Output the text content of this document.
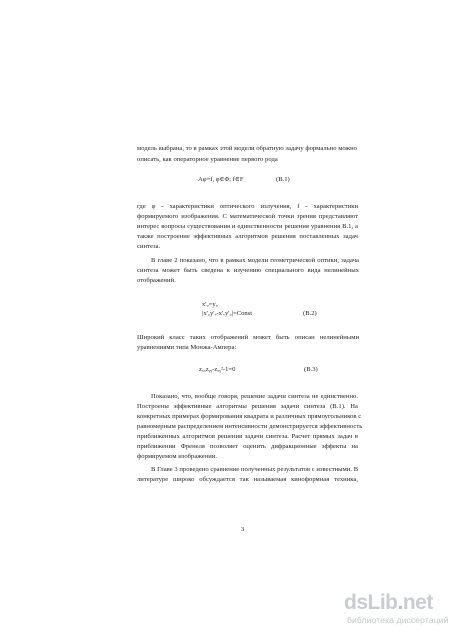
модель выбрана, то в рамках этой модели обратную задачу формально можно
описать, как операторное уравнение первого рода
Aφ=f, φ∈Φ; f∈F	(В.1)
где φ - характеристики оптического излучения, f - характеристики
формируемого изображения. С математической точки зрения представляют
интерес вопросы существования и единственности решения уравнения В.1, а
также построение эффективных алгоритмов решения поставленных задач
синтеза.
В главе 2 показано, что в рамках модели геометрической оптики, задача
синтеза может быть сведена к изучению специального вида нелинейных
отображений.
x'ᵤ=yᵤ
|x'ᵤy'ᵥ-x'ᵥy'ᵤ|=Const	(В.2)
Широкий класс таких отображений может быть описан нелинейными
уравнениями типа Монжа-Ампера:
zₓₓzᵧᵧ-zₓᵧ²-1=0	(В.3)
Показано, что, вообще говоря, решение задачи синтеза не единственно.
Построены эффективные алгоритмы решения задачи синтеза (В.1). На
конкретных примерах формирования квадрата и различных прямоугольников с
равномерным распределением интенсивности демонстрируется эффективность
приближенных алгоритмов решения задачи синтеза. Расчет прямых задач в
приближении Френеля позволяет оценить дифракционные эффекты на
формируемом изображении.
В Главе 3 проведено сравнение полученных результатов с известными. В
литературе широко обсуждается так называемая киноформная техника,
3
dsLib.net
библиотека диссертаций
